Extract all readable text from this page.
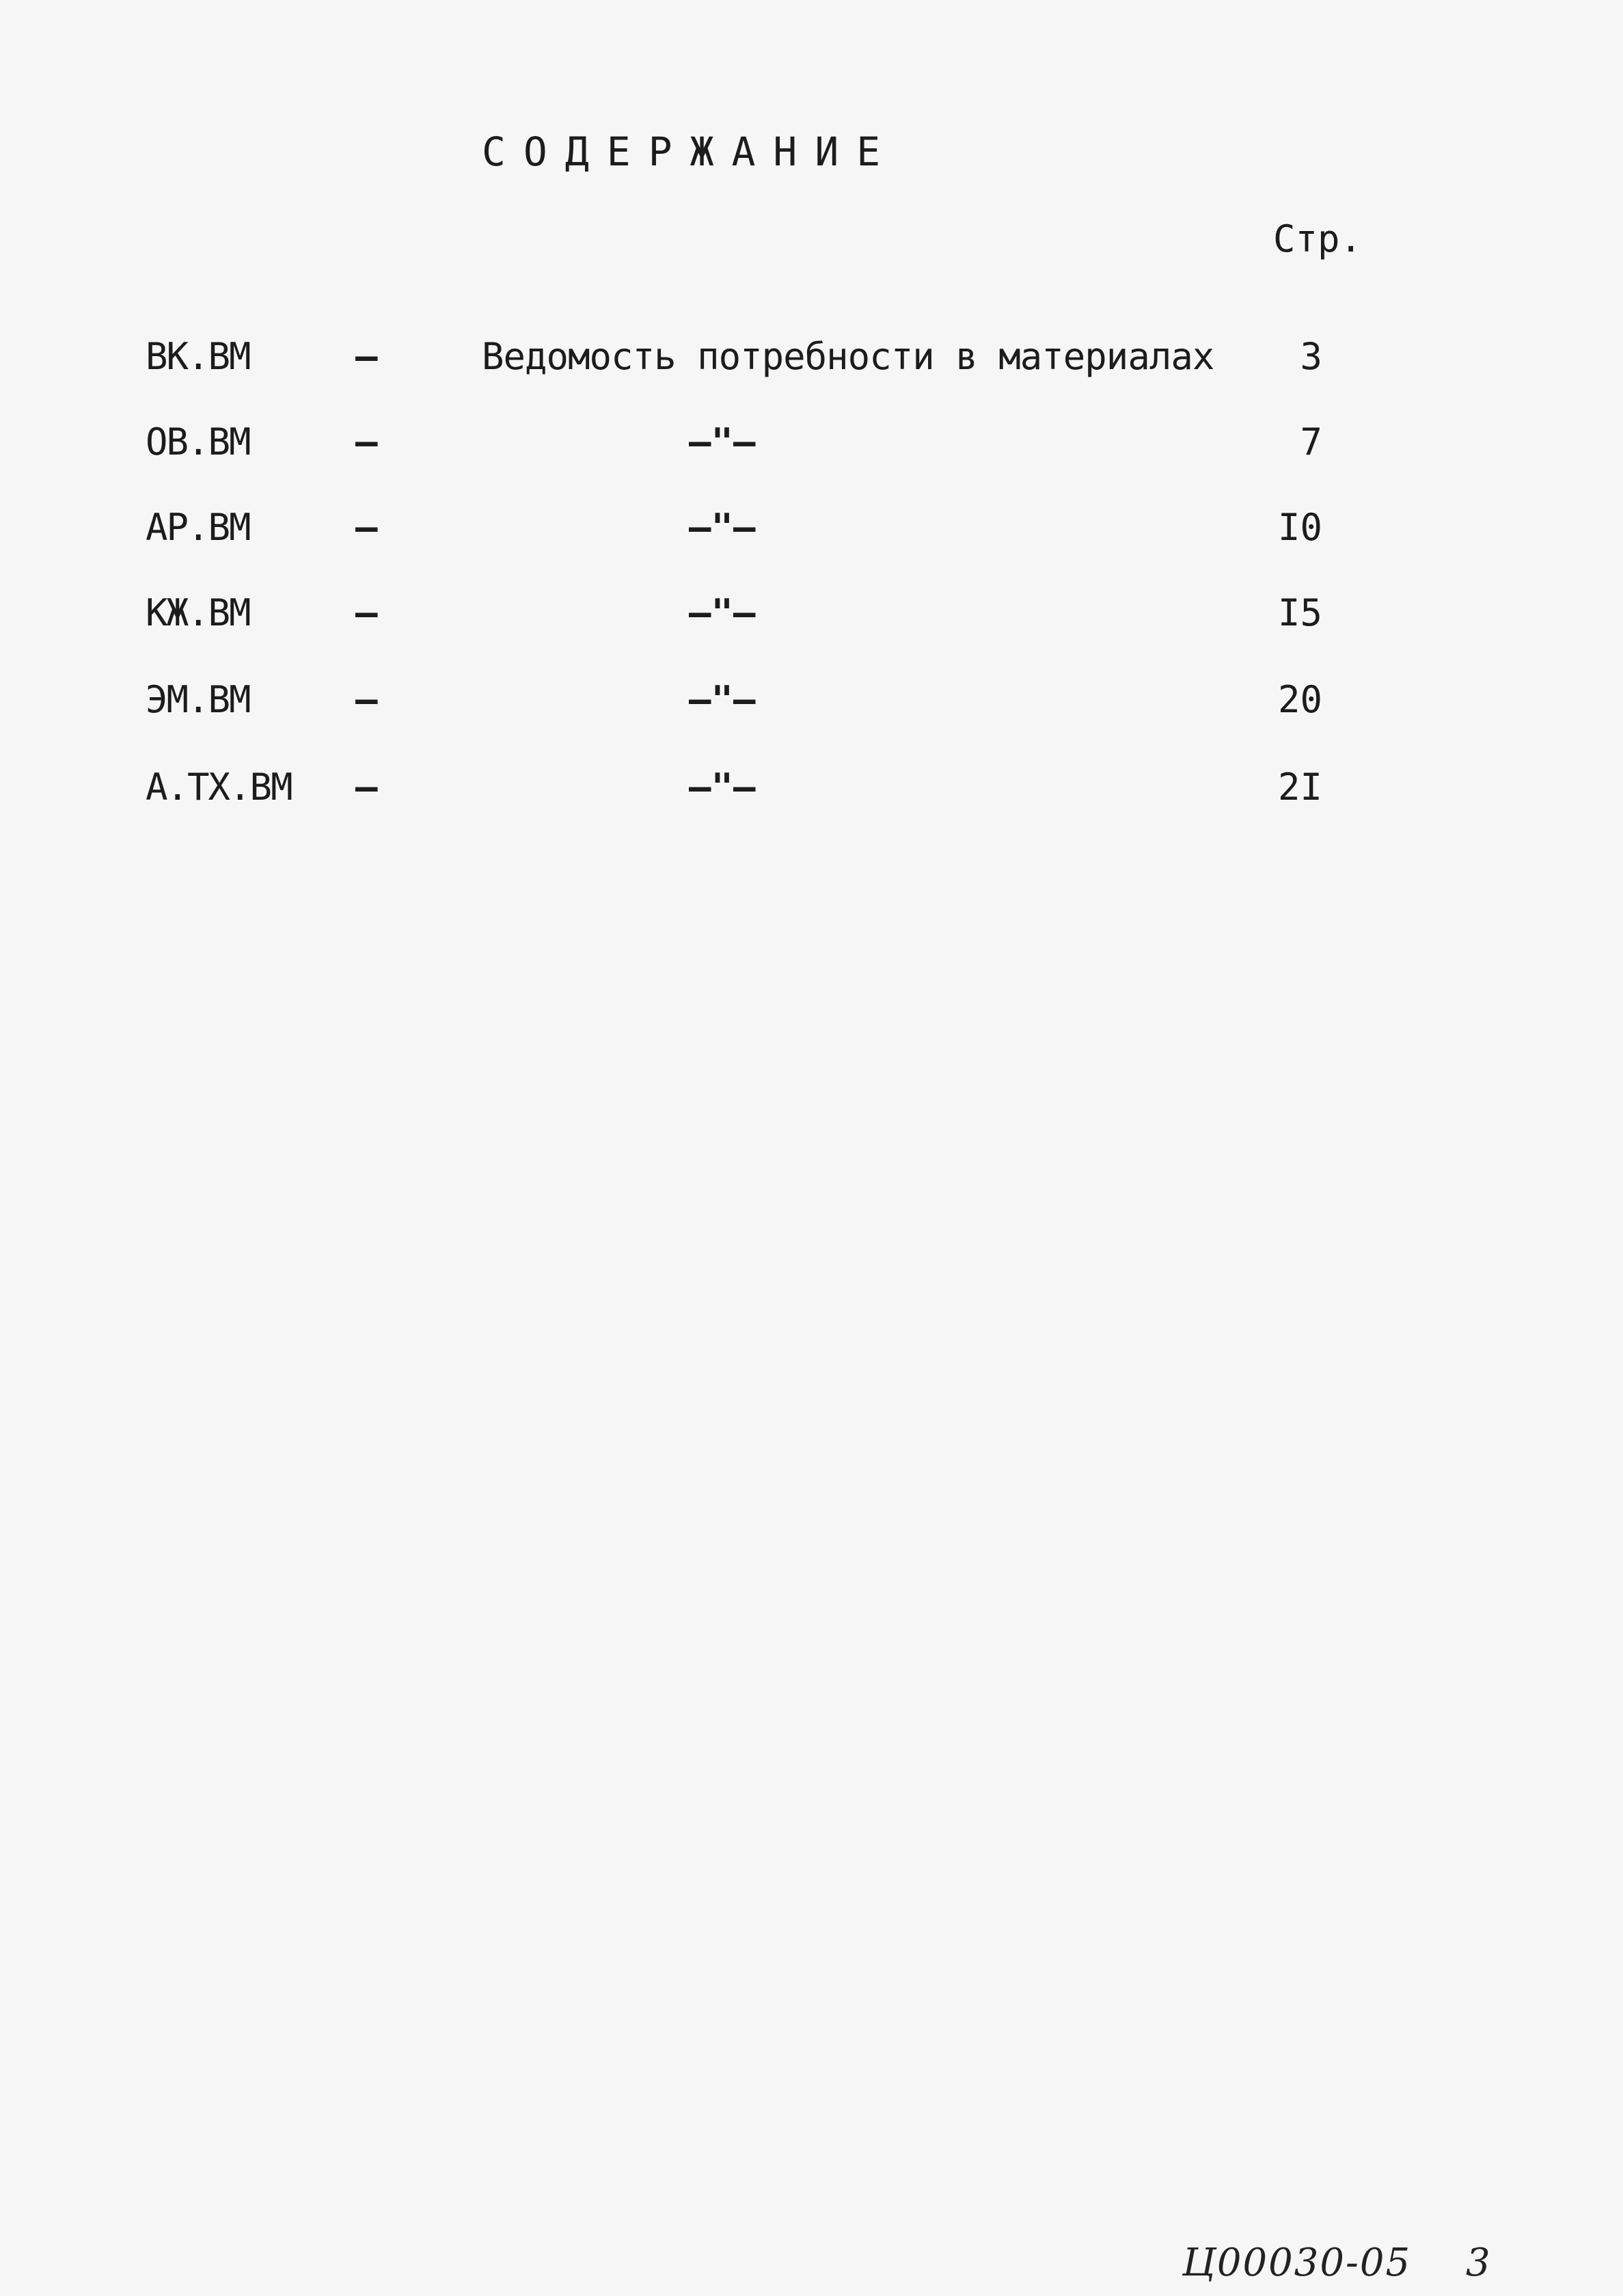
СОДЕРЖАНИЕ
Стр.
ВК.ВМ	–	Ведомость потребности в материалах	3
ОВ.ВМ	–	–"–	7
АР.ВМ	–	–"–	I0
КЖ.ВМ	–	–"–	I5
ЭМ.ВМ	–	–"–	20
А.ТХ.ВМ –	–"–	2I
Ц00030-05 3
